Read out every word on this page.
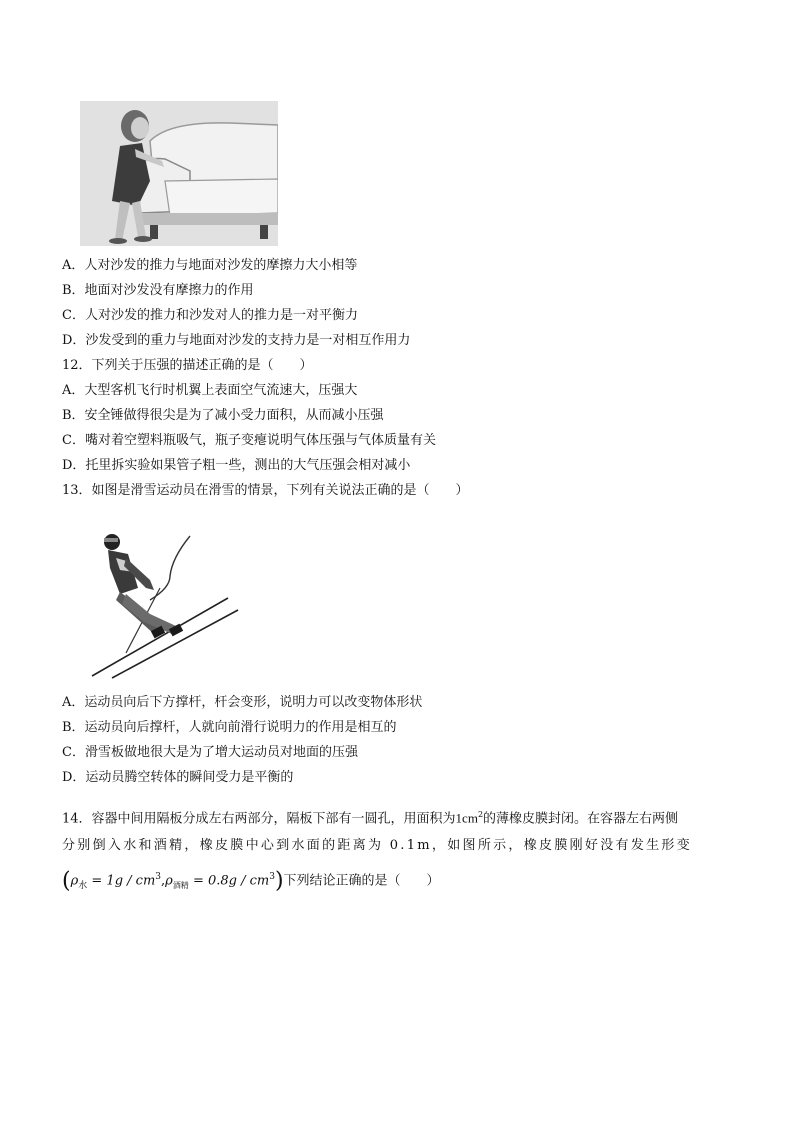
A．人对沙发的推力与地面对沙发的摩擦力大小相等
B．地面对沙发没有摩擦力的作用
C．人对沙发的推力和沙发对人的推力是一对平衡力
D．沙发受到的重力与地面对沙发的支持力是一对相互作用力
12．下列关于压强的描述正确的是（　　）
A．大型客机飞行时机翼上表面空气流速大，压强大
B．安全锤做得很尖是为了减小受力面积，从而减小压强
C．嘴对着空塑料瓶吸气，瓶子变瘪说明气体压强与气体质量有关
D．托里拆实验如果管子粗一些，测出的大气压强会相对减小
13．如图是滑雪运动员在滑雪的情景，下列有关说法正确的是（　　）
A．运动员向后下方撑杆，杆会变形，说明力可以改变物体形状
B．运动员向后撑杆，人就向前滑行说明力的作用是相互的
C．滑雪板做地很大是为了增大运动员对地面的压强
D．运动员腾空转体的瞬间受力是平衡的
14．容器中间用隔板分成左右两部分，隔板下部有一圆孔，用面积为$1cm^2$的薄橡皮膜封闭。在容器左右两侧
分别倒入水和酒精，橡皮膜中心到水面的距离为 0.1m，如图所示，橡皮膜刚好没有发生形变
$(\rho_水 = 1g / cm^3,\rho_{酒精} = 0.8g / cm^3)$下列结论正确的是（　　）
